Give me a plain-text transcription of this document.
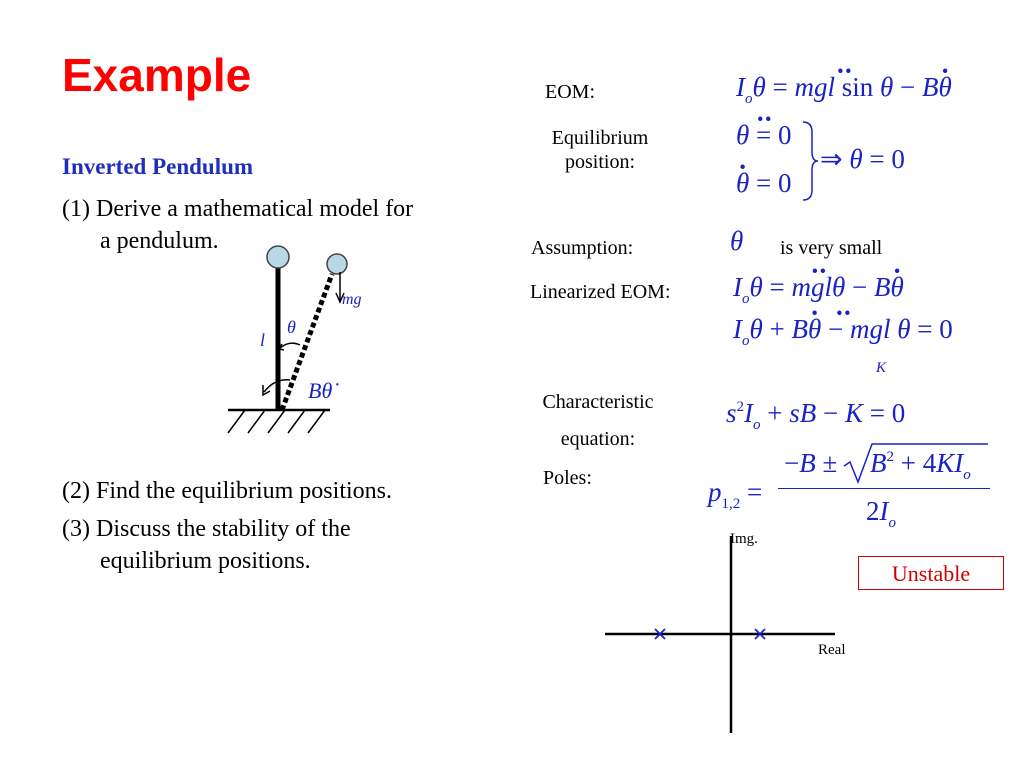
Example
Inverted Pendulum
(1) Derive a mathematical model for
a pendulum.
(2) Find the equilibrium positions.
(3) Discuss the stability of the
equilibrium positions.
mg
l
θ
Bθ̇
EOM:	$I_o\cdot\cdot \theta$ = mgl sin θ − B· θ
Equilibrium
position:
·· θ = 0
· θ = 0
⇒ θ = 0
Assumption:	θ is very small
Linearized EOM: $I_o\cdot\cdot \theta = mgl\theta - B\cdot \theta$
$I_o\cdot\cdot \theta + B\cdot \theta$ − mgl θ = 0
K
Characteristic
equation:
$s^2I_o$ + sB − K = 0
Poles:	$p_{1,2}$ =
$-B \pm B^2 + 4KI_o$
$2I_o$
Img.
Real
Unstable
